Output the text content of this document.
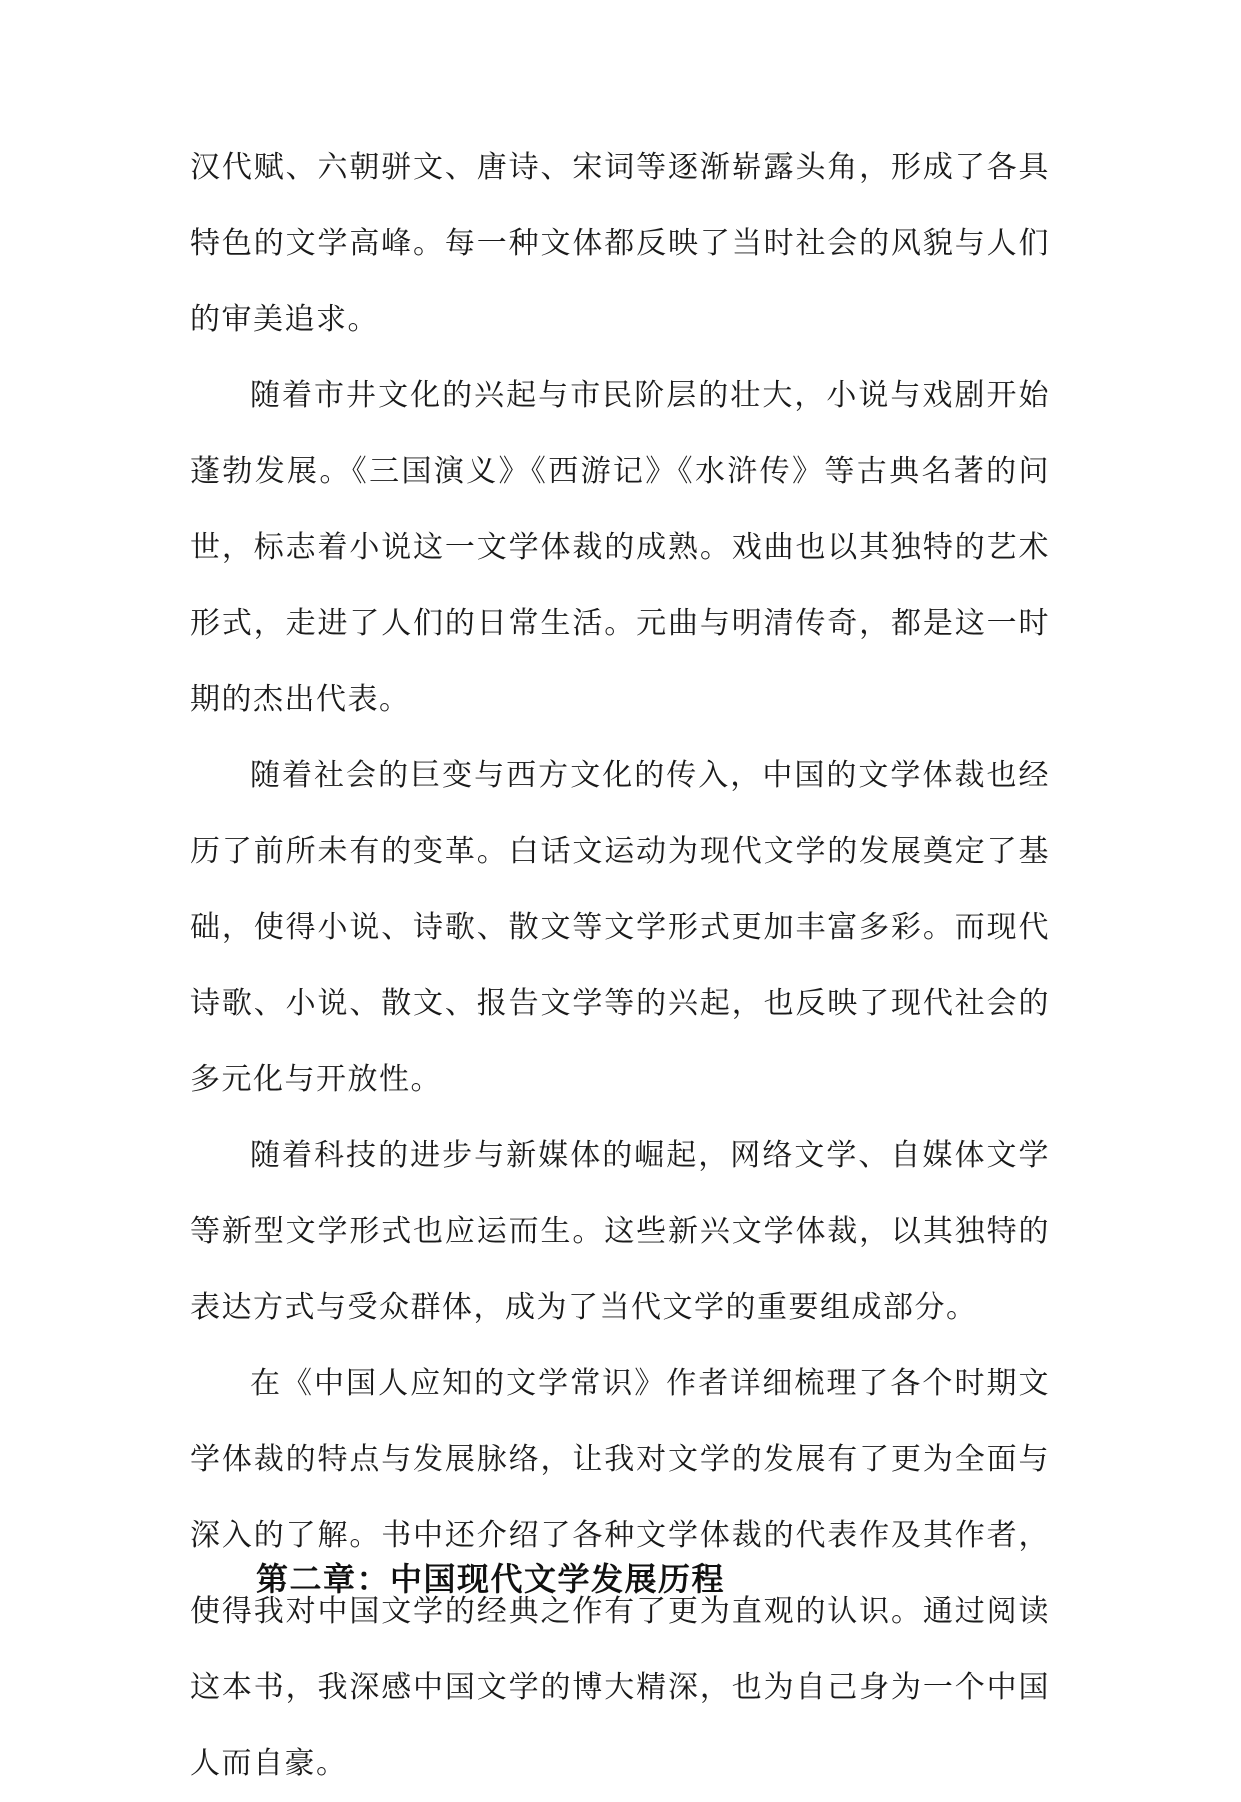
汉代赋、六朝骈文、唐诗、宋词等逐渐崭露头角，形成了各具特色的文学高峰。每一种文体都反映了当时社会的风貌与人们的审美追求。

随着市井文化的兴起与市民阶层的壮大，小说与戏剧开始蓬勃发展。《三国演义》《西游记》《水浒传》等古典名著的问世，标志着小说这一文学体裁的成熟。戏曲也以其独特的艺术形式，走进了人们的日常生活。元曲与明清传奇，都是这一时期的杰出代表。

随着社会的巨变与西方文化的传入，中国的文学体裁也经历了前所未有的变革。白话文运动为现代文学的发展奠定了基础，使得小说、诗歌、散文等文学形式更加丰富多彩。而现代诗歌、小说、散文、报告文学等的兴起，也反映了现代社会的多元化与开放性。

随着科技的进步与新媒体的崛起，网络文学、自媒体文学等新型文学形式也应运而生。这些新兴文学体裁，以其独特的表达方式与受众群体，成为了当代文学的重要组成部分。

在《中国人应知的文学常识》作者详细梳理了各个时期文学体裁的特点与发展脉络，让我对文学的发展有了更为全面与深入的了解。书中还介绍了各种文学体裁的代表作及其作者，使得我对中国文学的经典之作有了更为直观的认识。通过阅读这本书，我深感中国文学的博大精深，也为自己身为一个中国人而自豪。

第二章：中国现代文学发展历程
